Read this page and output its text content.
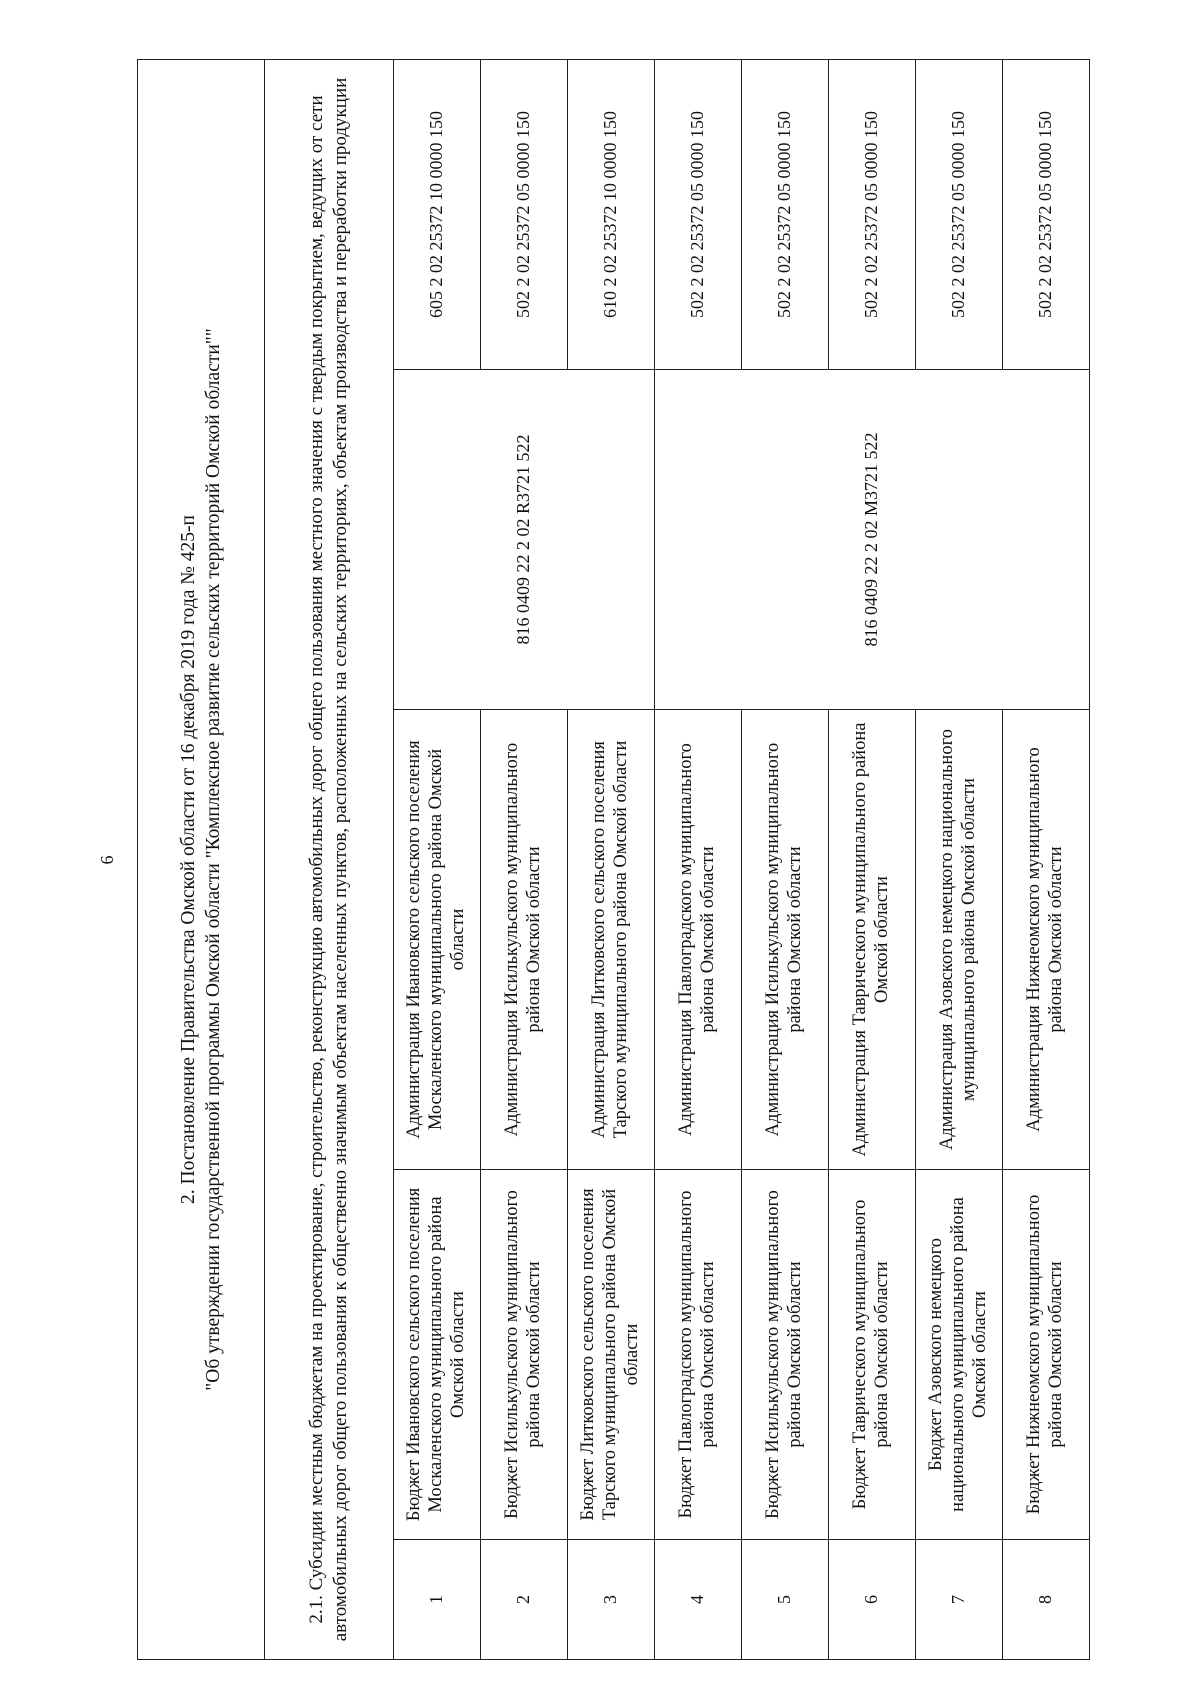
6	2. Постановление Правительства Омской области от 16 декабря 2019 года № 425-п "Об утверждении государственной программы Омской области "Комплексное развитие сельских территорий Омской области""				

2.1. Субсидии местным бюджетам на проектирование, строительство, реконструкцию автомобильных дорог общего пользования местного значения с твердым покрытием, ведущих от сети автомобильных дорог общего пользования к общественно значимым объектам населенных пунктов, расположенных на сельских территориях, объектам производства и переработки продукции				
1	Бюджет Ивановского сельского поселения Москаленского муниципального района Омской области	Администрация Ивановского сельского поселения Москаленского муниципального района Омской области	816 0409 22 2 02 R3721 522	605 2 02 25372 10 0000 150
2	Бюджет Исилькульского муниципального района Омской области	Администрация Исилькульского муниципального района Омской области		502 2 02 25372 05 0000 150
3	Бюджет Литковского сельского поселения Тарского муниципального района Омской области	Администрация Литковского сельского поселения Тарского муниципального района Омской области		610 2 02 25372 10 0000 150
4	Бюджет Павлоградского муниципального района Омской области	Администрация Павлоградского муниципального района Омской области	816 0409 22 2 02 M3721 522	502 2 02 25372 05 0000 150
5	Бюджет Исилькульского муниципального района Омской области	Администрация Исилькульского муниципального района Омской области		502 2 02 25372 05 0000 150
6	Бюджет Таврического муниципального района Омской области	Администрация Таврического муниципального района Омской области		502 2 02 25372 05 0000 150
7	Бюджет Азовского немецкого национального муниципального района Омской области	Администрация Азовского немецкого национального муниципального района Омской области		502 2 02 25372 05 0000 150
8	Бюджет Нижнеомского муниципального района Омской области	Администрация Нижнеомского муниципального района Омской области		502 2 02 25372 05 0000 150
